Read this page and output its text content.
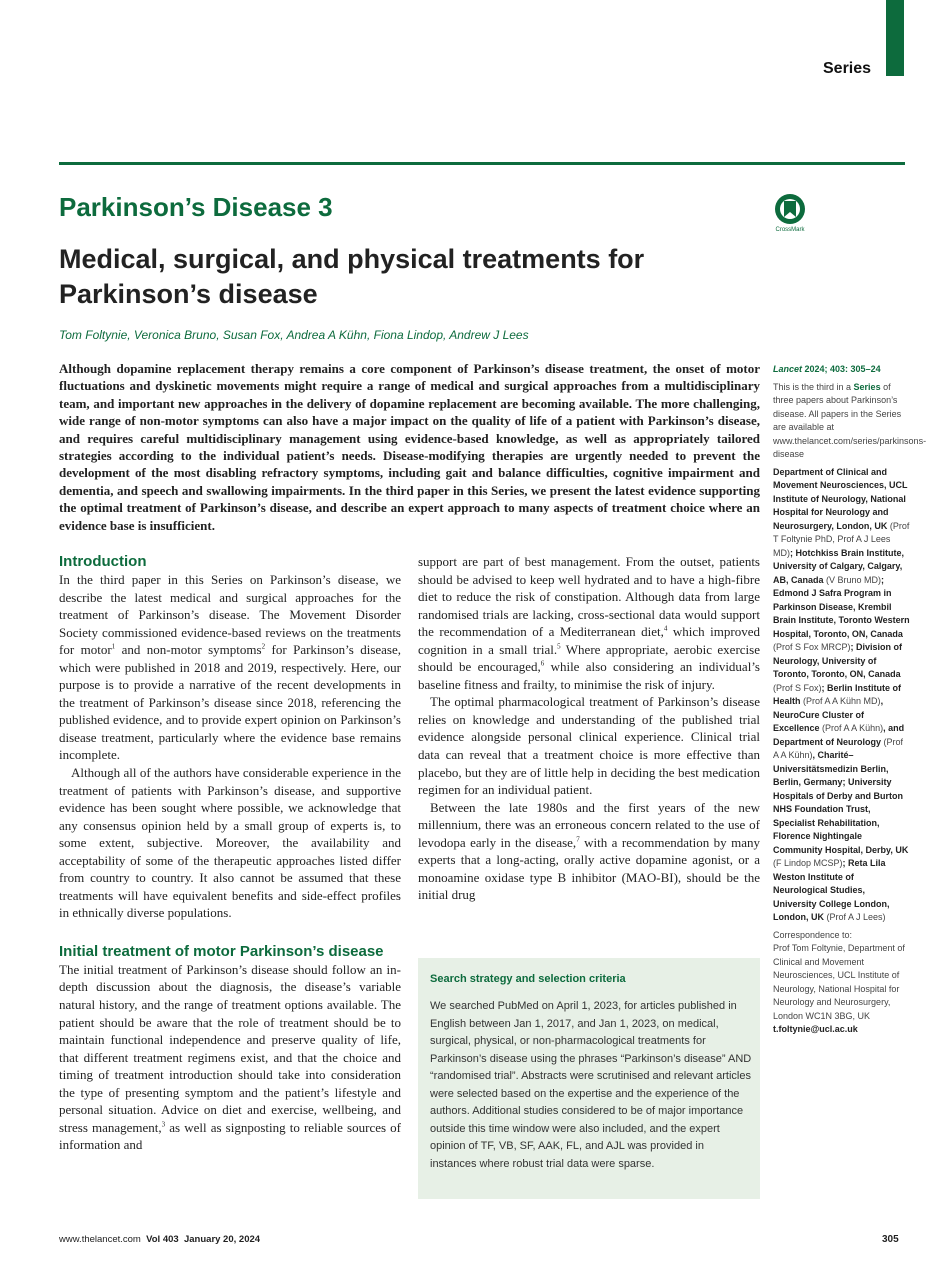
Series
Parkinson’s Disease 3
CrossMark
Medical, surgical, and physical treatments for Parkinson’s disease
Tom Foltynie, Veronica Bruno, Susan Fox, Andrea A Kühn, Fiona Lindop, Andrew J Lees
Although dopamine replacement therapy remains a core component of Parkinson’s disease treatment, the onset of motor fluctuations and dyskinetic movements might require a range of medical and surgical approaches from a multidisciplinary team, and important new approaches in the delivery of dopamine replacement are becoming available. The more challenging, wide range of non-motor symptoms can also have a major impact on the quality of life of a patient with Parkinson’s disease, and requires careful multidisciplinary management using evidence-based knowledge, as well as appropriately tailored strategies according to the individual patient’s needs. Disease-modifying therapies are urgently needed to prevent the development of the most disabling refractory symptoms, including gait and balance difficulties, cognitive impairment and dementia, and speech and swallowing impairments. In the third paper in this Series, we present the latest evidence supporting the optimal treatment of Parkinson’s disease, and describe an expert approach to many aspects of treatment choice where an evidence base is insufficient.

Lancet 2024; 403: 305–24

This is the third in a Series of three papers about Parkinson’s disease. All papers in the Series are available at www.thelancet.com/series/parkinsons-disease

Department of Clinical and Movement Neurosciences, UCL Institute of Neurology, National Hospital for Neurology and Neurosurgery, London, UK (Prof T Foltynie PhD, Prof A J Lees MD); Hotchkiss Brain Institute, University of Calgary, Calgary, AB, Canada (V Bruno MD); Edmond J Safra Program in Parkinson Disease, Krembil Brain Institute, Toronto Western Hospital, Toronto, ON, Canada (Prof S Fox MRCP); Division of Neurology, University of Toronto, Toronto, ON, Canada (Prof S Fox); Berlin Institute of Health (Prof A A Kühn MD), NeuroCure Cluster of Excellence (Prof A A Kühn), and Department of Neurology (Prof A A Kühn), Charité–Universitätsmedizin Berlin, Berlin, Germany; University Hospitals of Derby and Burton NHS Foundation Trust, Specialist Rehabilitation, Florence Nightingale Community Hospital, Derby, UK (F Lindop MCSP); Reta Lila Weston Institute of Neurological Studies, University College London, London, UK (Prof A J Lees)

Correspondence to:
Prof Tom Foltynie, Department of Clinical and Movement Neurosciences, UCL Institute of Neurology, National Hospital for Neurology and Neurosurgery, London WC1N 3BG, UK
t.foltynie@ucl.ac.uk

Introduction

In the third paper in this Series on Parkinson’s disease, we describe the latest medical and surgical approaches for the treatment of Parkinson’s disease. The Movement Disorder Society commissioned evidence-based reviews on the treatments for motor$^1$ and non-motor symptoms$^2$ for Parkinson’s disease, which were published in 2018 and 2019, respectively. Here, our purpose is to provide a narrative of the recent developments in the treatment of Parkinson’s disease since 2018, referencing the published evidence, and to provide expert opinion on Parkinson’s disease treatment, particularly where the evidence base remains incomplete.

Although all of the authors have considerable experience in the treatment of patients with Parkinson’s disease, and supportive evidence has been sought where possible, we acknowledge that any consensus opinion held by a small group of experts is, to some extent, subjective. Moreover, the availability and acceptability of some of the therapeutic approaches listed differ from country to country. It also cannot be assumed that these treatments will have equivalent benefits and side-effect profiles in ethnically diverse populations.

Initial treatment of motor Parkinson’s disease

The initial treatment of Parkinson’s disease should follow an in-depth discussion about the diagnosis, the disease’s variable natural history, and the range of treatment options available. The patient should be aware that the role of treatment should be to maintain functional independence and preserve quality of life, that different treatment regimens exist, and that the choice and timing of treatment introduction should take into consideration the type of presenting symptom and the patient’s lifestyle and personal situation. Advice on diet and exercise, wellbeing, and stress management,$^3$ as well as signposting to reliable sources of information and

support are part of best management. From the outset, patients should be advised to keep well hydrated and to have a high-fibre diet to reduce the risk of constipation. Although data from large randomised trials are lacking, cross-sectional data would support the recommendation of a Mediterranean diet,$^4$ which improved cognition in a small trial.$^5$ Where appropriate, aerobic exercise should be encouraged,$^6$ while also considering an individual’s baseline fitness and frailty, to minimise the risk of injury.

The optimal pharmacological treatment of Parkinson’s disease relies on knowledge and understanding of the published trial evidence alongside personal clinical experience. Clinical trial data can reveal that a treatment choice is more effective than placebo, but they are of little help in deciding the best medication regimen for an individual patient.

Between the late 1980s and the first years of the new millennium, there was an erroneous concern related to the use of levodopa early in the disease,$^7$ with a recommendation by many experts that a long-acting, orally active dopamine agonist, or a monoamine oxidase type B inhibitor (MAO-BI), should be the initial drug

Search strategy and selection criteria

We searched PubMed on April 1, 2023, for articles published in English between Jan 1, 2017, and Jan 1, 2023, on medical, surgical, physical, or non-pharmacological treatments for Parkinson’s disease using the phrases “Parkinson’s disease” AND “randomised trial”. Abstracts were scrutinised and relevant articles were selected based on the expertise and the experience of the authors. Additional studies considered to be of major importance outside this time window were also included, and the expert opinion of TF, VB, SF, AAK, FL, and AJL was provided in instances where robust trial data were sparse.

www.thelancet.com Vol 403 January 20, 2024	305
